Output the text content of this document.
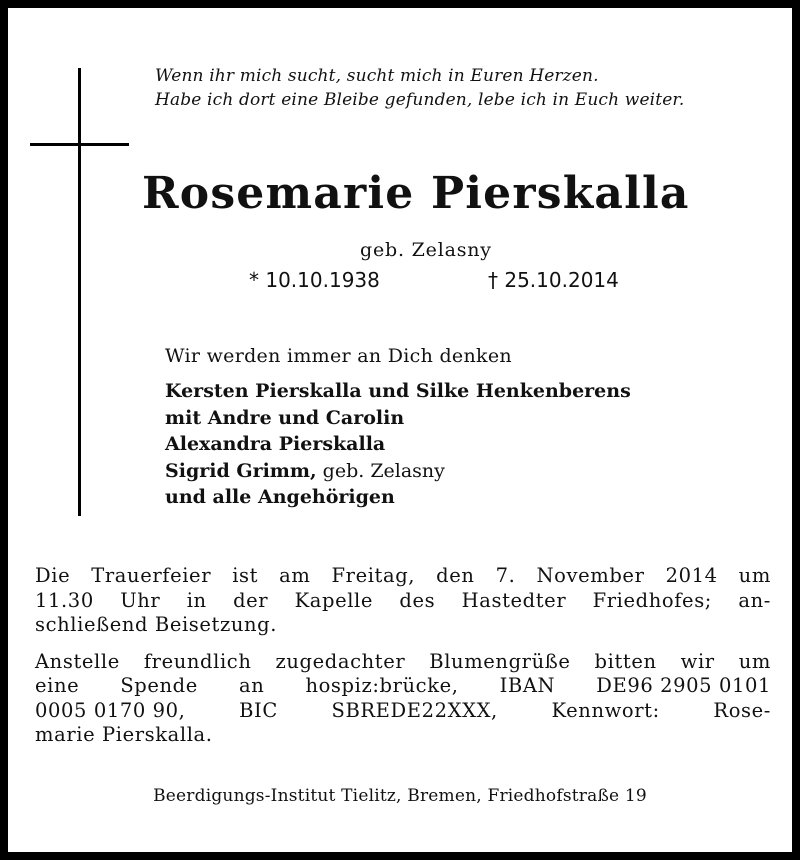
Wenn ihr mich sucht, sucht mich in Euren Herzen.
Habe ich dort eine Bleibe gefunden, lebe ich in Euch weiter.
Rosemarie Pierskalla
geb. Zelasny
* 10.10.1938	† 25.10.2014
Wir werden immer an Dich denken
Kersten Pierskalla und Silke Henkenberens
mit Andre und Carolin
Alexandra Pierskalla
Sigrid Grimm, geb. Zelasny
und alle Angehörigen
Die Trauerfeier ist am Freitag, den 7. November 2014 um
11.30 Uhr in der Kapelle des Hastedter Friedhofes; an-
schließend Beisetzung.
Anstelle freundlich zugedachter Blumengrüße bitten wir um
eine Spende an hospiz:brücke, IBAN DE96 2905 0101
0005 0170 90,	BIC	SBREDE22XXX,	Kennwort:	Rose-
marie Pierskalla.
Beerdigungs-Institut Tielitz, Bremen, Friedhofstraße 19
